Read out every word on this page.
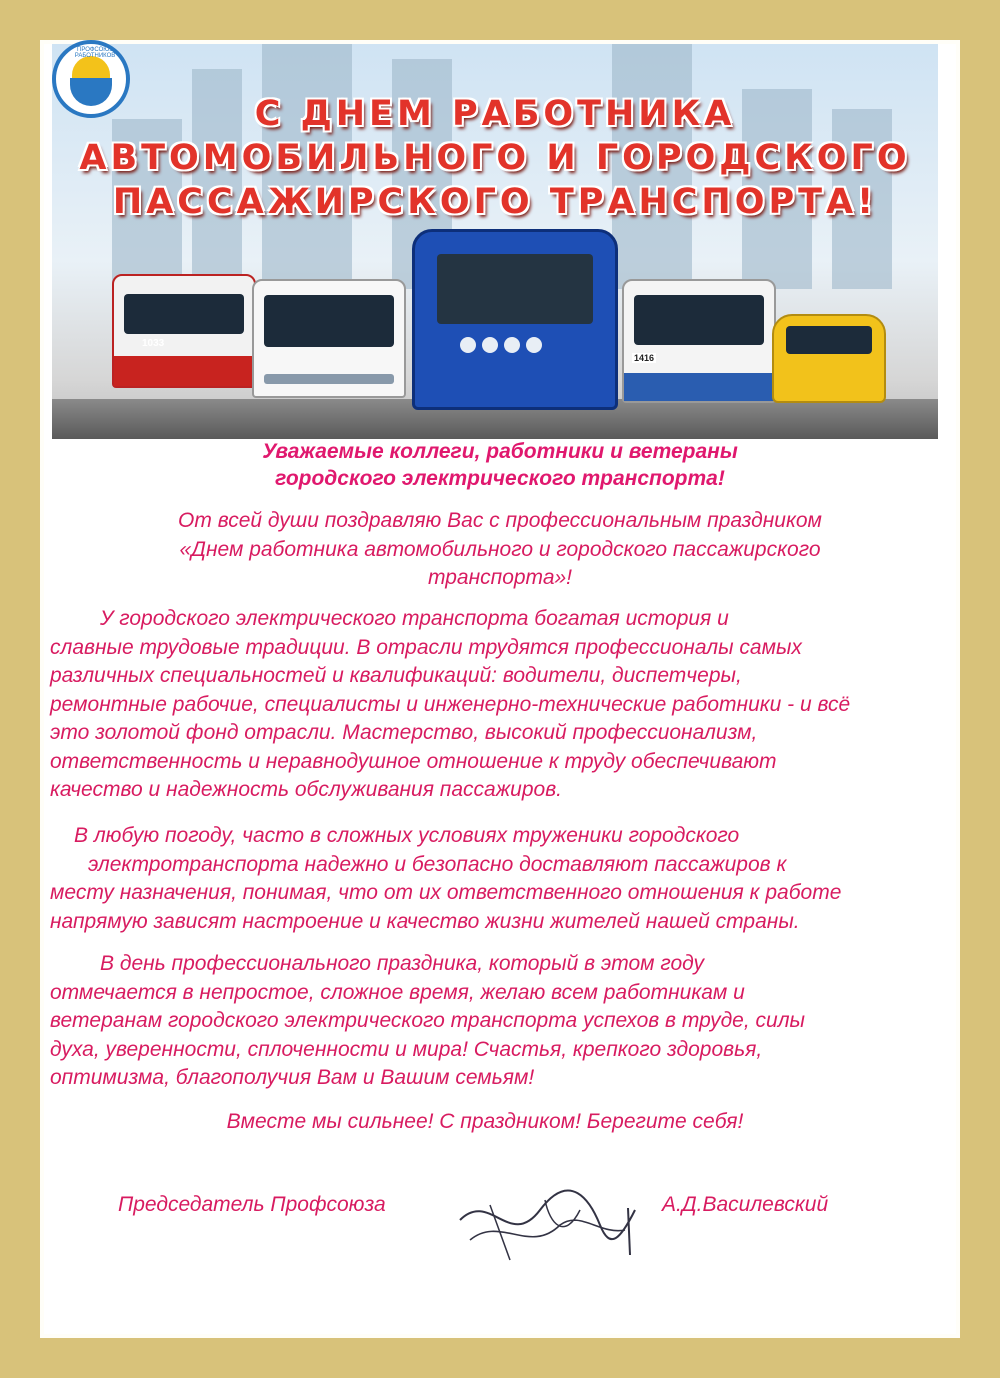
С ДНЕМ РАБОТНИКА
АВТОМОБИЛЬНОГО И ГОРОДСКОГО
ПАССАЖИРСКОГО ТРАНСПОРТА!
1033
1416
ПРОФСОЮЗ РАБОТНИКОВ
Уважаемые коллеги, работники и ветераны
городского электрического транспорта!
От всей души поздравляю Вас с профессиональным праздником
«Днем работника автомобильного и городского пассажирского
транспорта»!
У городского электрического транспорта богатая история и
славные трудовые традиции. В отрасли трудятся профессионалы самых
различных специальностей и квалификаций: водители, диспетчеры,
ремонтные рабочие, специалисты и инженерно-технические работники - и всё
это золотой фонд отрасли. Мастерство, высокий профессионализм,
ответственность и неравнодушное отношение к труду обеспечивают
качество и надежность обслуживания пассажиров.
В любую погоду, часто в сложных условиях труженики городского
электротранспорта надежно и безопасно доставляют пассажиров к
месту назначения, понимая, что от их ответственного отношения к работе
напрямую зависят настроение и качество жизни жителей нашей страны.
В день профессионального праздника, который в этом году
отмечается в непростое, сложное время, желаю всем работникам и
ветеранам городского электрического транспорта успехов в труде, силы
духа, уверенности, сплоченности и мира! Счастья, крепкого здоровья,
оптимизма, благополучия Вам и Вашим семьям!
Вместе мы сильнее! С праздником! Берегите себя!
Председатель Профсоюза	А.Д.Василевский
